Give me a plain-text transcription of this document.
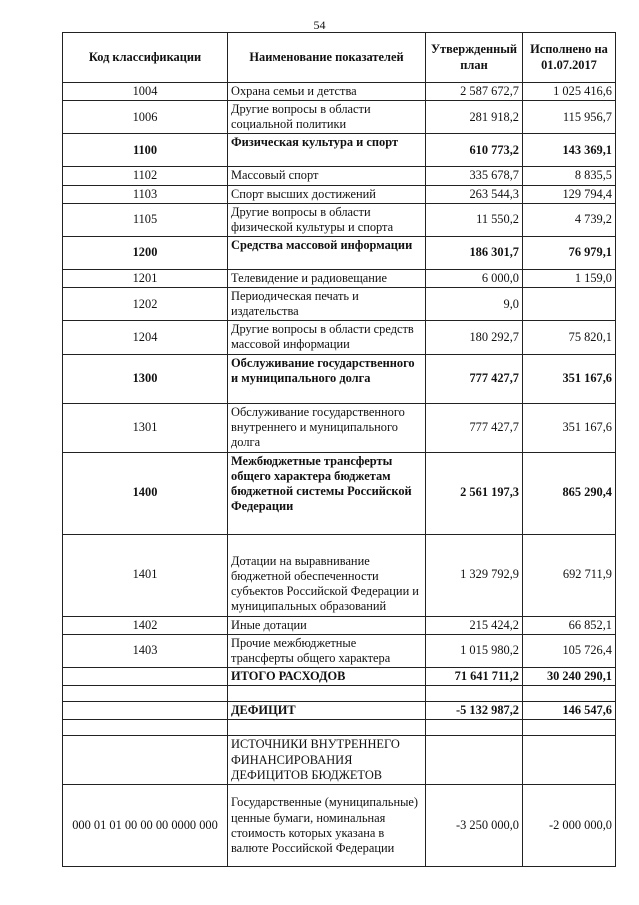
54
Код классификации	Наименование показателей	Утвержденный план	Исполнено на 01.07.2017
1004	Охрана семьи и детства	2 587 672,7	1 025 416,6
1006	Другие вопросы в области социальной политики	281 918,2	115 956,7
1100	Физическая культура и спорт	610 773,2	143 369,1
1102	Массовый спорт	335 678,7	8 835,5
1103	Спорт высших достижений	263 544,3	129 794,4
1105	Другие вопросы в области физической культуры и спорта	11 550,2	4 739,2
1200	Средства массовой информации	186 301,7	76 979,1
1201	Телевидение и радиовещание	6 000,0	1 159,0
1202	Периодическая печать и издательства	9,0	
1204	Другие вопросы в области средств массовой информации	180 292,7	75 820,1
1300	Обслуживание государственного и муниципального долга	777 427,7	351 167,6
1301	Обслуживание государственного внутреннего и муниципального долга	777 427,7	351 167,6
1400	Межбюджетные трансферты общего характера бюджетам бюджетной системы Российской Федерации	2 561 197,3	865 290,4
1401	Дотации на выравнивание бюджетной обеспеченности субъектов Российской Федерации и муниципальных образований	1 329 792,9	692 711,9
1402	Иные дотации	215 424,2	66 852,1
1403	Прочие межбюджетные трансферты общего характера	1 015 980,2	105 726,4
	ИТОГО РАСХОДОВ	71 641 711,2	30 240 290,1

	ДЕФИЦИТ	-5 132 987,2	146 547,6

	ИСТОЧНИКИ ВНУТРЕННЕГО ФИНАНСИРОВАНИЯ ДЕФИЦИТОВ БЮДЖЕТОВ		
000 01 01 00 00 00 0000 000	Государственные (муниципальные) ценные бумаги, номинальная стоимость которых указана в валюте Российской Федерации	-3 250 000,0	-2 000 000,0
